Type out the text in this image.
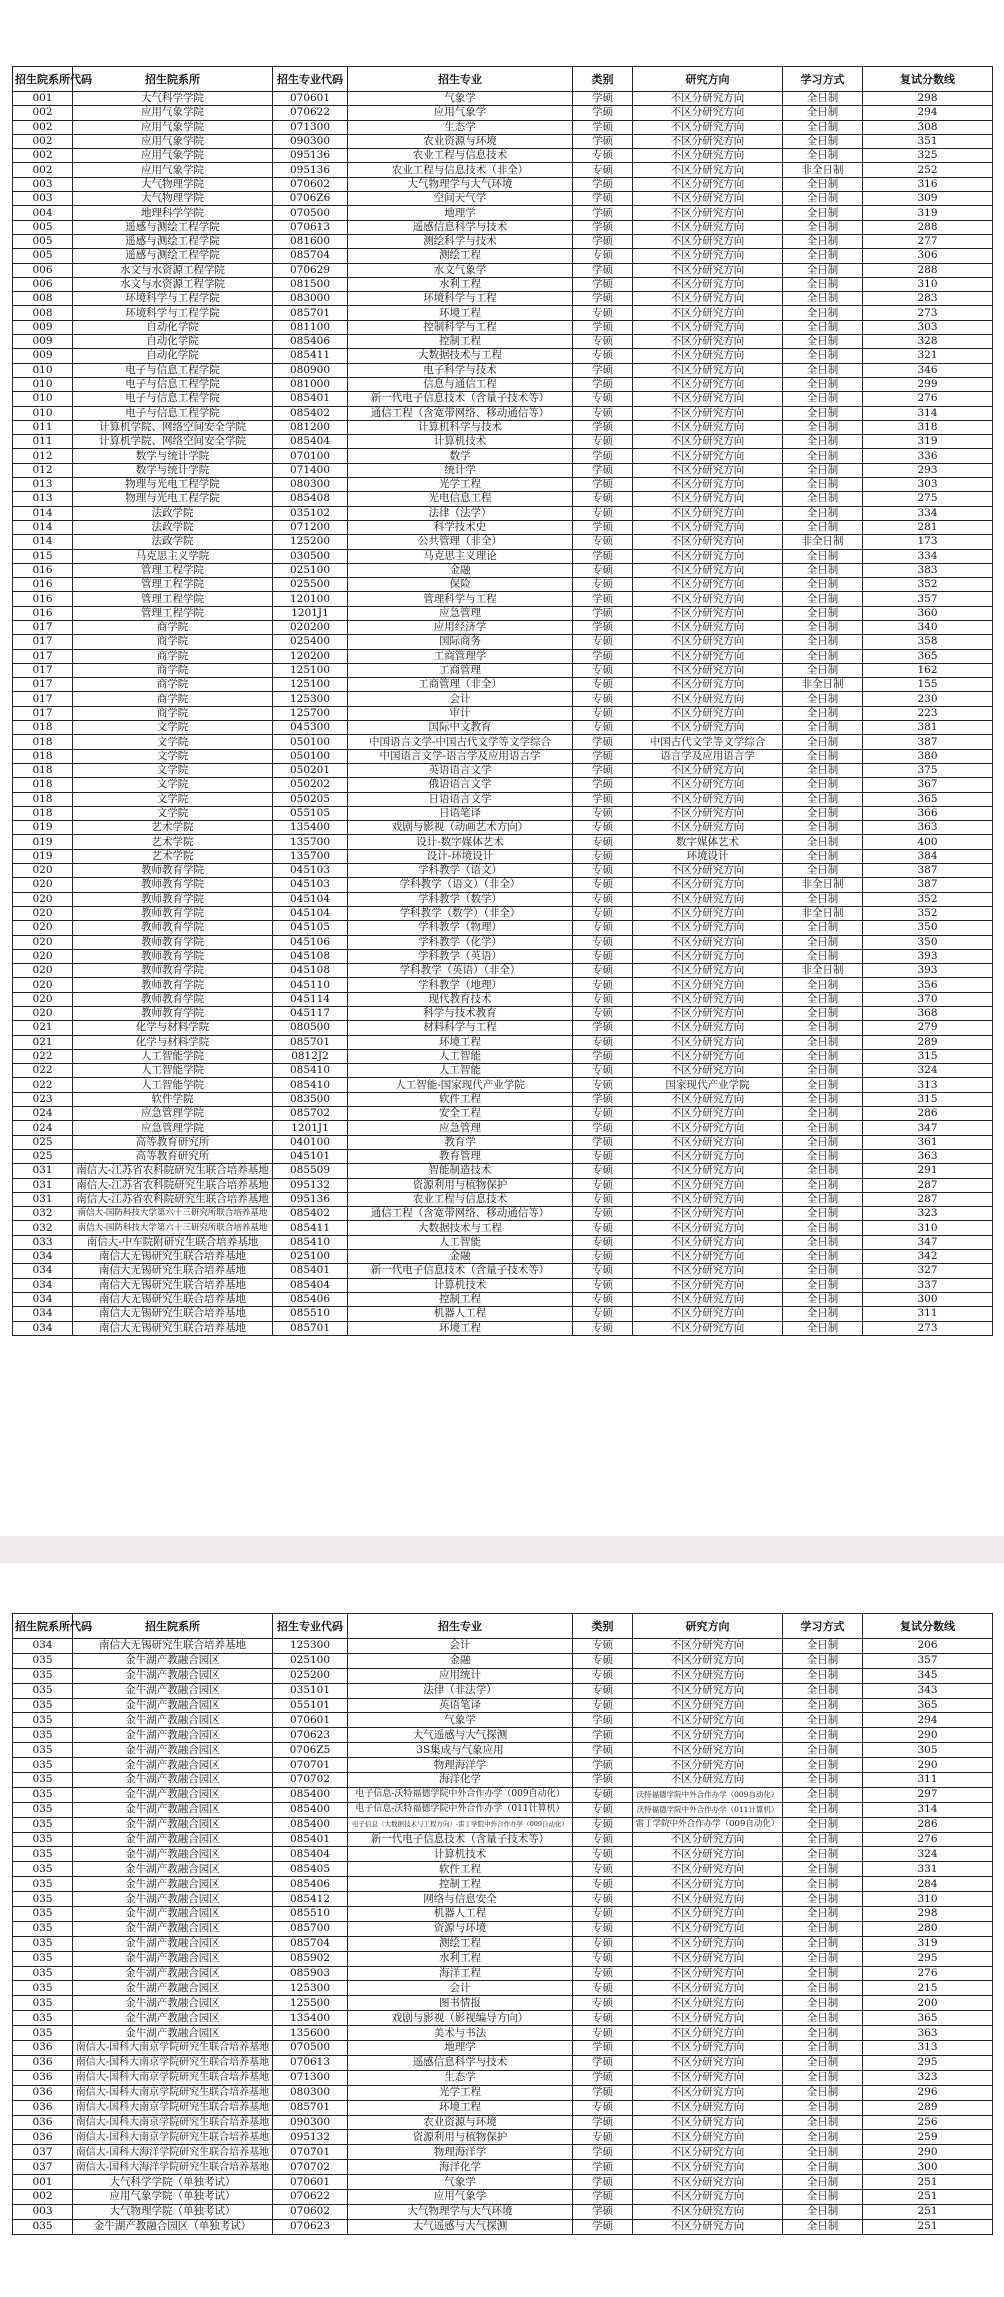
招生院系所代码	招生院系所	招生专业代码	招生专业	类别	研究方向	学习方式	复试分数线
001	大气科学学院	070601	气象学	学硕	不区分研究方向	全日制	298
002	应用气象学院	070622	应用气象学	学硕	不区分研究方向	全日制	294
002	应用气象学院	071300	生态学	学硕	不区分研究方向	全日制	308
002	应用气象学院	090300	农业资源与环境	学硕	不区分研究方向	全日制	351
002	应用气象学院	095136	农业工程与信息技术	专硕	不区分研究方向	全日制	325
002	应用气象学院	095136	农业工程与信息技术（非全）	专硕	不区分研究方向	非全日制	252
003	大气物理学院	070602	大气物理学与大气环境	学硕	不区分研究方向	全日制	316
003	大气物理学院	0706Z6	空间天气学	学硕	不区分研究方向	全日制	309
004	地理科学学院	070500	地理学	学硕	不区分研究方向	全日制	319
005	遥感与测绘工程学院	070613	遥感信息科学与技术	学硕	不区分研究方向	全日制	288
005	遥感与测绘工程学院	081600	测绘科学与技术	学硕	不区分研究方向	全日制	277
005	遥感与测绘工程学院	085704	测绘工程	专硕	不区分研究方向	全日制	306
006	水文与水资源工程学院	070629	水文气象学	学硕	不区分研究方向	全日制	288
006	水文与水资源工程学院	081500	水利工程	学硕	不区分研究方向	全日制	310
008	环境科学与工程学院	083000	环境科学与工程	学硕	不区分研究方向	全日制	283
008	环境科学与工程学院	085701	环境工程	专硕	不区分研究方向	全日制	273
009	自动化学院	081100	控制科学与工程	学硕	不区分研究方向	全日制	303
009	自动化学院	085406	控制工程	专硕	不区分研究方向	全日制	328
009	自动化学院	085411	大数据技术与工程	专硕	不区分研究方向	全日制	321
010	电子与信息工程学院	080900	电子科学与技术	学硕	不区分研究方向	全日制	346
010	电子与信息工程学院	081000	信息与通信工程	学硕	不区分研究方向	全日制	299
010	电子与信息工程学院	085401	新一代电子信息技术（含量子技术等）	专硕	不区分研究方向	全日制	276
010	电子与信息工程学院	085402	通信工程（含宽带网络、移动通信等）	专硕	不区分研究方向	全日制	314
011	计算机学院、网络空间安全学院	081200	计算机科学与技术	学硕	不区分研究方向	全日制	318
011	计算机学院、网络空间安全学院	085404	计算机技术	专硕	不区分研究方向	全日制	319
012	数学与统计学院	070100	数学	学硕	不区分研究方向	全日制	336
012	数学与统计学院	071400	统计学	学硕	不区分研究方向	全日制	293
013	物理与光电工程学院	080300	光学工程	学硕	不区分研究方向	全日制	303
013	物理与光电工程学院	085408	光电信息工程	专硕	不区分研究方向	全日制	275
014	法政学院	035102	法律（法学）	专硕	不区分研究方向	全日制	334
014	法政学院	071200	科学技术史	学硕	不区分研究方向	全日制	281
014	法政学院	125200	公共管理（非全）	专硕	不区分研究方向	非全日制	173
015	马克思主义学院	030500	马克思主义理论	学硕	不区分研究方向	全日制	334
016	管理工程学院	025100	金融	专硕	不区分研究方向	全日制	383
016	管理工程学院	025500	保险	专硕	不区分研究方向	全日制	352
016	管理工程学院	120100	管理科学与工程	学硕	不区分研究方向	全日制	357
016	管理工程学院	1201J1	应急管理	学硕	不区分研究方向	全日制	360
017	商学院	020200	应用经济学	学硕	不区分研究方向	全日制	340
017	商学院	025400	国际商务	专硕	不区分研究方向	全日制	358
017	商学院	120200	工商管理学	学硕	不区分研究方向	全日制	365
017	商学院	125100	工商管理	专硕	不区分研究方向	全日制	162
017	商学院	125100	工商管理（非全）	专硕	不区分研究方向	非全日制	155
017	商学院	125300	会计	专硕	不区分研究方向	全日制	230
017	商学院	125700	审计	专硕	不区分研究方向	全日制	223
018	文学院	045300	国际中文教育	专硕	不区分研究方向	全日制	381
018	文学院	050100	中国语言文学-中国古代文学等文学综合	学硕	中国古代文学等文学综合	全日制	387
018	文学院	050100	中国语言文学-语言学及应用语言学	学硕	语言学及应用语言学	全日制	380
018	文学院	050201	英语语言文学	学硕	不区分研究方向	全日制	375
018	文学院	050202	俄语语言文学	学硕	不区分研究方向	全日制	367
018	文学院	050205	日语语言文学	学硕	不区分研究方向	全日制	365
018	文学院	055105	日语笔译	专硕	不区分研究方向	全日制	366
019	艺术学院	135400	戏剧与影视（动画艺术方向）	专硕	不区分研究方向	全日制	363
019	艺术学院	135700	设计-数字媒体艺术	专硕	数字媒体艺术	全日制	400
019	艺术学院	135700	设计-环境设计	专硕	环境设计	全日制	384
020	教师教育学院	045103	学科教学（语文）	专硕	不区分研究方向	全日制	387
020	教师教育学院	045103	学科教学（语文）（非全）	专硕	不区分研究方向	非全日制	387
020	教师教育学院	045104	学科教学（数学）	专硕	不区分研究方向	全日制	352
020	教师教育学院	045104	学科教学（数学）（非全）	专硕	不区分研究方向	非全日制	352
020	教师教育学院	045105	学科教学（物理）	专硕	不区分研究方向	全日制	350
020	教师教育学院	045106	学科教学（化学）	专硕	不区分研究方向	全日制	350
020	教师教育学院	045108	学科教学（英语）	专硕	不区分研究方向	全日制	393
020	教师教育学院	045108	学科教学（英语）（非全）	专硕	不区分研究方向	非全日制	393
020	教师教育学院	045110	学科教学（地理）	专硕	不区分研究方向	全日制	356
020	教师教育学院	045114	现代教育技术	专硕	不区分研究方向	全日制	370
020	教师教育学院	045117	科学与技术教育	专硕	不区分研究方向	全日制	368
021	化学与材料学院	080500	材料科学与工程	学硕	不区分研究方向	全日制	279
021	化学与材料学院	085701	环境工程	专硕	不区分研究方向	全日制	289
022	人工智能学院	0812J2	人工智能	学硕	不区分研究方向	全日制	315
022	人工智能学院	085410	人工智能	专硕	不区分研究方向	全日制	324
022	人工智能学院	085410	人工智能-国家现代产业学院	专硕	国家现代产业学院	全日制	313
023	软件学院	083500	软件工程	学硕	不区分研究方向	全日制	315
024	应急管理学院	085702	安全工程	专硕	不区分研究方向	全日制	286
024	应急管理学院	1201J1	应急管理	学硕	不区分研究方向	全日制	347
025	高等教育研究所	040100	教育学	学硕	不区分研究方向	全日制	361
025	高等教育研究所	045101	教育管理	专硕	不区分研究方向	全日制	363
031	南信大-江苏省农科院研究生联合培养基地	085509	智能制造技术	专硕	不区分研究方向	全日制	291
031	南信大-江苏省农科院研究生联合培养基地	095132	资源利用与植物保护	专硕	不区分研究方向	全日制	287
031	南信大-江苏省农科院研究生联合培养基地	095136	农业工程与信息技术	专硕	不区分研究方向	全日制	287
032	南信大-国防科技大学第六十三研究所联合培养基地	085402	通信工程（含宽带网络、移动通信等）	专硕	不区分研究方向	全日制	323
032	南信大-国防科技大学第六十三研究所联合培养基地	085411	大数据技术与工程	专硕	不区分研究方向	全日制	310
033	南信大-中车院附研究生联合培养基地	085410	人工智能	专硕	不区分研究方向	全日制	347
034	南信大无锡研究生联合培养基地	025100	金融	专硕	不区分研究方向	全日制	342
034	南信大无锡研究生联合培养基地	085401	新一代电子信息技术（含量子技术等）	专硕	不区分研究方向	全日制	327
034	南信大无锡研究生联合培养基地	085404	计算机技术	专硕	不区分研究方向	全日制	337
034	南信大无锡研究生联合培养基地	085406	控制工程	专硕	不区分研究方向	全日制	300
034	南信大无锡研究生联合培养基地	085510	机器人工程	专硕	不区分研究方向	全日制	311
034	南信大无锡研究生联合培养基地	085701	环境工程	专硕	不区分研究方向	全日制	273
招生院系所代码	招生院系所	招生专业代码	招生专业	类别	研究方向	学习方式	复试分数线
034	南信大无锡研究生联合培养基地	125300	会计	专硕	不区分研究方向	全日制	206
035	金牛湖产教融合园区	025100	金融	专硕	不区分研究方向	全日制	357
035	金牛湖产教融合园区	025200	应用统计	专硕	不区分研究方向	全日制	345
035	金牛湖产教融合园区	035101	法律（非法学）	专硕	不区分研究方向	全日制	343
035	金牛湖产教融合园区	055101	英语笔译	专硕	不区分研究方向	全日制	365
035	金牛湖产教融合园区	070601	气象学	学硕	不区分研究方向	全日制	294
035	金牛湖产教融合园区	070623	大气遥感与大气探测	学硕	不区分研究方向	全日制	290
035	金牛湖产教融合园区	0706Z5	3S集成与气象应用	学硕	不区分研究方向	全日制	305
035	金牛湖产教融合园区	070701	物理海洋学	学硕	不区分研究方向	全日制	290
035	金牛湖产教融合园区	070702	海洋化学	学硕	不区分研究方向	全日制	311
035	金牛湖产教融合园区	085400	电子信息-沃特福德学院中外合作办学（009自动化）	专硕	沃特福德学院中外合作办学（009自动化）	全日制	297
035	金牛湖产教融合园区	085400	电子信息-沃特福德学院中外合作办学（011计算机）	专硕	沃特福德学院中外合作办学（011计算机）	全日制	314
035	金牛湖产教融合园区	085400	电子信息（大数据技术与工程方向）-雷丁学院中外合作办学（009自动化）	专硕	雷丁学院中外合作办学（009自动化）	全日制	286
035	金牛湖产教融合园区	085401	新一代电子信息技术（含量子技术等）	专硕	不区分研究方向	全日制	276
035	金牛湖产教融合园区	085404	计算机技术	专硕	不区分研究方向	全日制	324
035	金牛湖产教融合园区	085405	软件工程	专硕	不区分研究方向	全日制	331
035	金牛湖产教融合园区	085406	控制工程	专硕	不区分研究方向	全日制	284
035	金牛湖产教融合园区	085412	网络与信息安全	专硕	不区分研究方向	全日制	310
035	金牛湖产教融合园区	085510	机器人工程	专硕	不区分研究方向	全日制	298
035	金牛湖产教融合园区	085700	资源与环境	专硕	不区分研究方向	全日制	280
035	金牛湖产教融合园区	085704	测绘工程	专硕	不区分研究方向	全日制	319
035	金牛湖产教融合园区	085902	水利工程	专硕	不区分研究方向	全日制	295
035	金牛湖产教融合园区	085903	海洋工程	专硕	不区分研究方向	全日制	276
035	金牛湖产教融合园区	125300	会计	专硕	不区分研究方向	全日制	215
035	金牛湖产教融合园区	125500	图书情报	专硕	不区分研究方向	全日制	200
035	金牛湖产教融合园区	135400	戏剧与影视（影视编导方向）	专硕	不区分研究方向	全日制	365
035	金牛湖产教融合园区	135600	美术与书法	专硕	不区分研究方向	全日制	363
036	南信大-国科大南京学院研究生联合培养基地	070500	地理学	学硕	不区分研究方向	全日制	313
036	南信大-国科大南京学院研究生联合培养基地	070613	遥感信息科学与技术	学硕	不区分研究方向	全日制	295
036	南信大-国科大南京学院研究生联合培养基地	071300	生态学	学硕	不区分研究方向	全日制	323
036	南信大-国科大南京学院研究生联合培养基地	080300	光学工程	学硕	不区分研究方向	全日制	296
036	南信大-国科大南京学院研究生联合培养基地	085701	环境工程	专硕	不区分研究方向	全日制	289
036	南信大-国科大南京学院研究生联合培养基地	090300	农业资源与环境	学硕	不区分研究方向	全日制	256
036	南信大-国科大南京学院研究生联合培养基地	095132	资源利用与植物保护	专硕	不区分研究方向	全日制	259
037	南信大-国科大海洋学院研究生联合培养基地	070701	物理海洋学	学硕	不区分研究方向	全日制	290
037	南信大-国科大海洋学院研究生联合培养基地	070702	海洋化学	学硕	不区分研究方向	全日制	300
001	大气科学学院（单独考试）	070601	气象学	学硕	不区分研究方向	全日制	251
002	应用气象学院（单独考试）	070622	应用气象学	学硕	不区分研究方向	全日制	251
003	大气物理学院（单独考试）	070602	大气物理学与大气环境	学硕	不区分研究方向	全日制	251
035	金牛湖产教融合园区（单独考试）	070623	大气遥感与大气探测	学硕	不区分研究方向	全日制	251
